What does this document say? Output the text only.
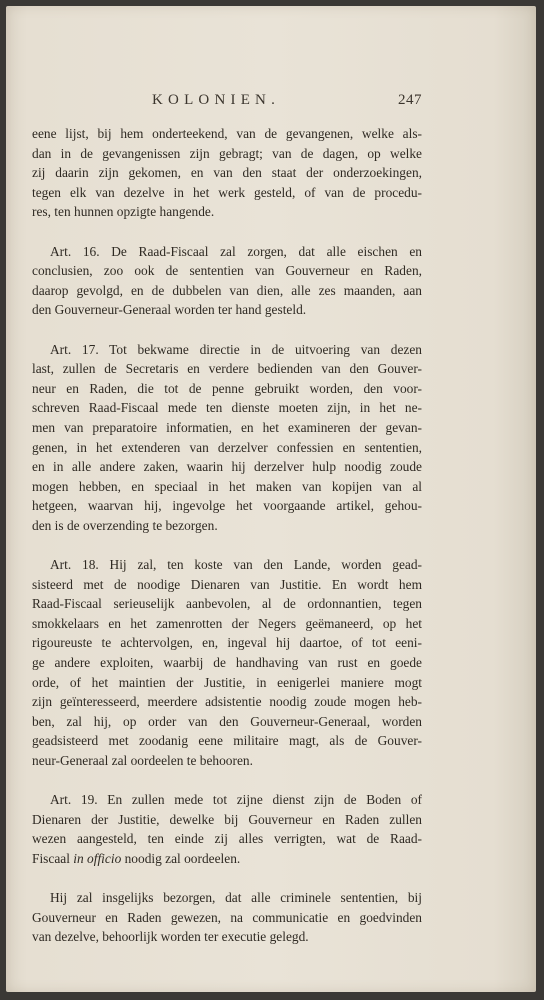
KOLONIEN.	247

eene lijst, bij hem onderteekend, van de gevangenen, welke als-
dan in de gevangenissen zijn gebragt; van de dagen, op welke
zij daarin zijn gekomen, en van den staat der onderzoekingen,
tegen elk van dezelve in het werk gesteld, of van de procedu-
res, ten hunnen opzigte hangende.

Art. 16. De Raad-Fiscaal zal zorgen, dat alle eischen en
conclusien, zoo ook de sententien van Gouverneur en Raden,
daarop gevolgd, en de dubbelen van dien, alle zes maanden, aan
den Gouverneur-Generaal worden ter hand gesteld.

Art. 17. Tot bekwame directie in de uitvoering van dezen
last, zullen de Secretaris en verdere bedienden van den Gouver-
neur en Raden, die tot de penne gebruikt worden, den voor-
schreven Raad-Fiscaal mede ten dienste moeten zijn, in het ne-
men van preparatoire informatien, en het examineren der gevan-
genen, in het extenderen van derzelver confessien en sententien,
en in alle andere zaken, waarin hij derzelver hulp noodig zoude
mogen hebben, en speciaal in het maken van kopijen van al
hetgeen, waarvan hij, ingevolge het voorgaande artikel, gehou-
den is de overzending te bezorgen.

Art. 18. Hij zal, ten koste van den Lande, worden gead-
sisteerd met de noodige Dienaren van Justitie. En wordt hem
Raad-Fiscaal serieuselijk aanbevolen, al de ordonnantien, tegen
smokkelaars en het zamenrotten der Negers geëmaneerd, op het
rigoureuste te achtervolgen, en, ingeval hij daartoe, of tot eeni-
ge andere exploiten, waarbij de handhaving van rust en goede
orde, of het maintien der Justitie, in eenigerlei maniere mogt
zijn geïnteresseerd, meerdere adsistentie noodig zoude mogen heb-
ben, zal hij, op order van den Gouverneur-Generaal, worden
geadsisteerd met zoodanig eene militaire magt, als de Gouver-
neur-Generaal zal oordeelen te behooren.

Art. 19. En zullen mede tot zijne dienst zijn de Boden of
Dienaren der Justitie, dewelke bij Gouverneur en Raden zullen
wezen aangesteld, ten einde zij alles verrigten, wat de Raad-
Fiscaal in officio noodig zal oordeelen.

Hij zal insgelijks bezorgen, dat alle criminele sententien, bij
Gouverneur en Raden gewezen, na communicatie en goedvinden
van dezelve, behoorlijk worden ter executie gelegd.
